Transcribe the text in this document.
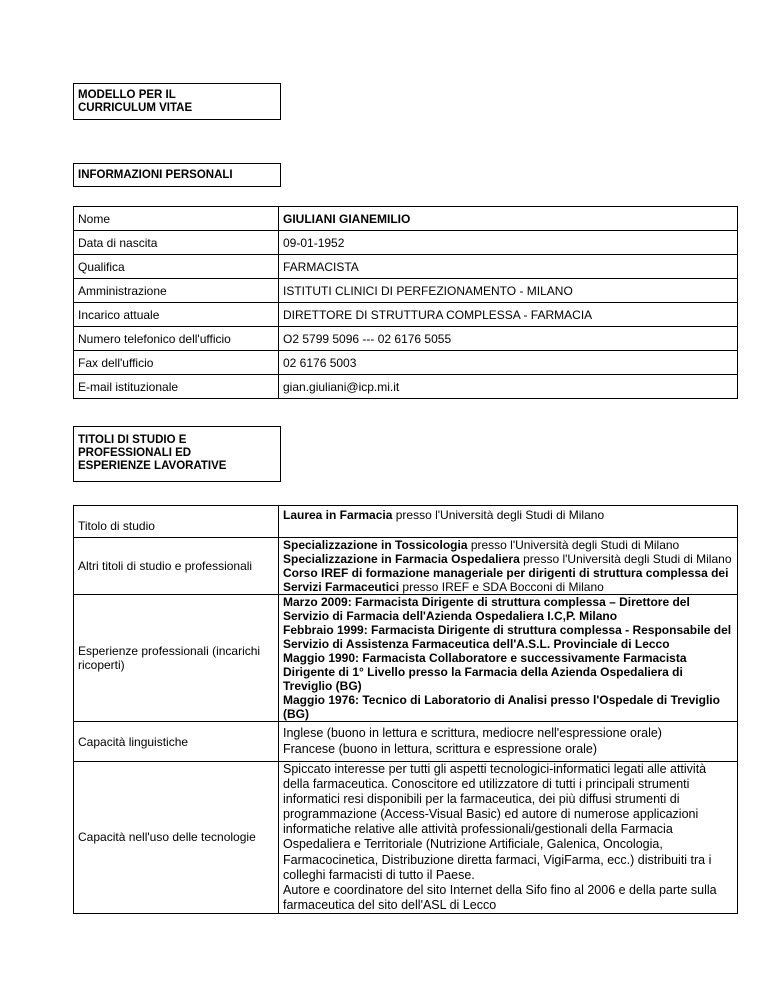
MODELLO PER IL
CURRICULUM VITAE
INFORMAZIONI PERSONALI
Nome	GIULIANI GIANEMILIO
Data di nascita	09-01-1952
Qualifica	FARMACISTA
Amministrazione	ISTITUTI CLINICI DI PERFEZIONAMENTO - MILANO
Incarico attuale	DIRETTORE DI STRUTTURA COMPLESSA - FARMACIA
Numero telefonico dell'ufficio	O2 5799 5096 --- 02 6176 5055
Fax dell'ufficio	02 6176 5003
E-mail istituzionale	gian.giuliani@icp.mi.it
TITOLI DI STUDIO E
PROFESSIONALI ED
ESPERIENZE LAVORATIVE
Titolo di studio	Laurea in Farmacia presso l'Università degli Studi di Milano
Altri titoli di studio e professionali	Specializzazione in Tossicologia presso l'Università degli Studi di Milano
Specializzazione in Farmacia Ospedaliera presso l'Università degli Studi di Milano
Corso IREF di formazione manageriale per dirigenti di struttura complessa dei Servizi Farmaceutici presso IREF e SDA Bocconi di Milano

Esperienze professionali (incarichi ricoperti)	Marzo 2009: Farmacista Dirigente di struttura complessa – Direttore del Servizio di Farmacia dell'Azienda Ospedaliera I.C,P. Milano
Febbraio 1999: Farmacista Dirigente di struttura complessa - Responsabile del Servizio di Assistenza Farmaceutica dell'A.S.L. Provinciale di Lecco
Maggio 1990: Farmacista Collaboratore e successivamente Farmacista Dirigente di 1° Livello presso la Farmacia della Azienda Ospedaliera di Treviglio (BG)
Maggio 1976: Tecnico di Laboratorio di Analisi presso l'Ospedale di Treviglio (BG)

Capacità linguistiche	Inglese (buono in lettura e scrittura, mediocre nell'espressione orale)
Francese (buono in lettura, scrittura e espressione orale)

Capacità nell'uso delle tecnologie	Spiccato interesse per tutti gli aspetti tecnologici-informatici legati alle attività della farmaceutica. Conoscitore ed utilizzatore di tutti i principali strumenti informatici resi disponibili per la farmaceutica, dei più diffusi strumenti di programmazione (Access-Visual Basic) ed autore di numerose applicazioni informatiche relative alle attività professionali/gestionali della Farmacia Ospedaliera e Territoriale (Nutrizione Artificiale, Galenica, Oncologia, Farmacocinetica, Distribuzione diretta farmaci, VigiFarma, ecc.) distribuiti tra i colleghi farmacisti di tutto il Paese.
Autore e coordinatore del sito Internet della Sifo fino al 2006 e della parte sulla farmaceutica del sito dell'ASL di Lecco
